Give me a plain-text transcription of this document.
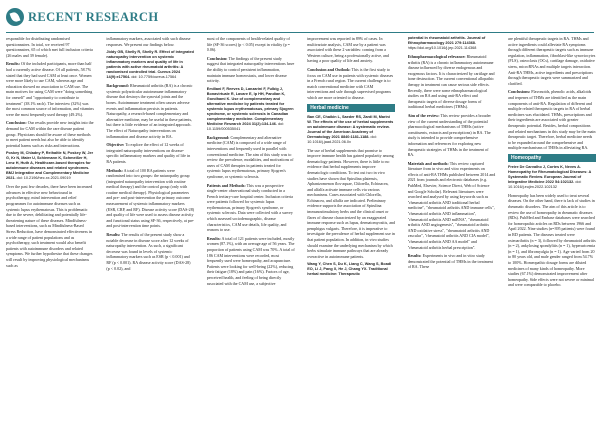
RECENT RESEARCH

responsible for distributing randomised questionnaires. In total, we received 97 questionnaires, 65 of which met full inclusion criteria (26 males and 39 female).

Results: Of the included participants, more than half had a currently active disease. Of all patients, 58.7% stated that they had used CAM at least once. Women were more likely to use CAM, whereas age and education showed no association to CAM use. The main motives for using CAM were "doing something for oneself" and "opportunity to contribute to treatment" (38.1% each). The interview (32%) was the most common source of information, and vitamins were the most frequently used therapy (49.2%).

Conclusion: Our results provide new insights into the demand for CAM within the rare disease patient group. Physicians should be aware of these methods to meet patient needs but also be able to identify potential harms such as risks and interactions.

Poskey M, Chladny P, Reihaltle N, Poskey W, Jer G, Kr N, Maier U, Schiemann K, Schmeißer H, Lenz H, Huth A, Healthcare-based therapies for autoimmune diseases and related syndromes. BMJ Integrative and Complementary Medicine 2021. doi: 10.2196/hec.xx.2021.09019

Over the past few decades, there have been increased advances in effective new behavioural in psychotherapy, mind intervention and relief programmes for autoimmune diseases such as systemic lupus erythematosus. This is problematic due to the severe, debilitating and potentially life-threatening nature of these diseases. Mindfulness-based interventions, such as Mindfulness-Based Stress Reduction, have demonstrated effectiveness in a wide range of patient populations and as psychotherapy, such treatment would also benefit patients with autoimmune disorders and related symptoms. We further hypothesise that these changes will result by improving physiological mechanisms such as

inflammatory markers, associated with such disease responses. We present our findings below.

Jiddy GB, Shelly R, Shelly R. Effect of integrated naturopathy intervention on systemic inflammatory markers and quality of life in patients with active rheumatoid arthritis: A randomised controlled trial. Cureus 2024 14(9):e17564. doi: 10.7759/cureus.17564

Background: Rheumatoid arthritis (RA) is a chronic systemic polyarticular autoimmune inflammatory disease that destroys the synovial joints and the bones. Autoimmune treatment often causes adverse events and inflammation persists in patients. Naturopathy, a research-based complementary and alternative medicine, may be useful in these patients, but there is little evidence of an integrated approach. The effect of Naturopathy interventions on inflammation and disease activity in RA.

Objective: To explore the effect of 12 weeks of integrated naturopathy interventions on disease-specific inflammatory markers and quality of life in RA patients.

Methods: A total of 100 RA patients were randomised into two groups: the naturopathy group (integrated naturopathy intervention with routine medical therapy) and the control group (only with routine medical therapy). Physiological parameters and pre- and post-intervention the primary outcome measurement of systemic inflammatory markers (ESR, CRP, and RF). Disease activity score (DAS-28) and quality of life were used to assess disease activity and functional status using SF-36, respectively, at pre- and post-intervention time points.

Results: The results of the present study show a notable decrease in disease score after 12 weeks of naturopathy intervention. As such, a significant decrease was found in levels of systemic inflammatory markers such as ESR (p < 0.001) and RF (p < 0.001). RA disease activity score (DAS-28) (p < 0.02), and

most of the components of health-related quality of life (SF-36 scores) (p < 0.05) except in vitality (p = 0.06).

Conclusion: The findings of the present study suggest that integrated naturopathy interventions have the ability to control persistent inflammation, maintain immune homeostasis, and lower disease activity.

Emiliani F, Reeves D, Lanzarini F, Fulbig J, Bonavirtuale R, Lavare E, Ip HH, Pandian K, Gondhami K. Use of complementary and alternative medicine by patients treated for systemic lupus erythematosus, primary Sjogren syndrome, or systemic sclerosis in Canadian complementary medicine. Complementary Medicine Research 2024 31(2):134-146. doi: 10.1159/000535041

Background: Complementary and alternative medicine (CAM) is composed of a wide range of interventions and frequently used in parallel with conventional medicine. The aim of this study was to review the prevalence, modalities, and motivations of users of CAM therapies in patients treated for systemic lupus erythematosus, primary Sjogren's syndrome, or systemic sclerosis.

Patients and Methods: This was a prospective single-center observational study conducted in a French tertiary-care hospital center. Inclusion criteria were patients followed for systemic lupus erythematosus, primary Sjogren's syndrome, or systemic sclerosis. Data were collected with a survey which assessed sociodemographic, disease characteristics, CAM use details, life quality, and reasons to use.

Results: A total of 121 patients were included, mostly women (87.1%), with an average age of 56 years. The proportion of patients using CAM was 70%. A total of 186 CAM interventions were recorded, most frequently used were homeopathy, and acupuncture. Patients were looking for well-being (22%), reducing their fatigue (18%) and pain (16%). Factors of age, perceived health, and feeling of being directly associated with the CAM use, a subjective

improvement was reported in 89% of cases. In multivariate analysis, CAM use by a patient was associated with these 2 variables: coming from a Western culture, being a professionally active, and having a poor quality of life and anxiety.

Conclusion and Outlook: This is the first study to focus on CAM use in patients with systemic diseases in a French rural region. The current challenge is to match conventional medicine with CAM interventions and safe through supervised programs which are more oriented to disease.

Herbal medicine

Ban CE, Chaikin L, Saeder RS, Zardi M, Marini W. The effects of the use of herbal supplements on autoimmune disease: A systematic review. Journal of the American Academy of Dermatology 2021 8840:1181-1188. doi: 10.1016/j.jaad.2021.06.0x

The use of herbal supplements that promise to improve immune health has gained popularity among dermatology patients. However, there is little to no evidence that herbal supplements improve dermatologic conditions. To test out two in vivo studies have shown that Spirulina platensis, Aphanizomenon flos-aquae, Chlorella, Echinacea, and alfalfa activate immune cells via various mechanisms. Cases associated with Chlorella, Echinacea, and alfalfa are indicated. Preliminary evidence supports the association of Spirulina immunostimulatory herbs and the clinical onset or flares of disease characterized by an exaggerated immune response such as lupus, dermatomyositis, and pemphigus vulgaris. Therefore, it is imperative to investigate the prevalence of herbal supplement use in that patient population. In addition, in vivo studies should examine the underlying mechanism by which herbs stimulate immune pathways that are already overactive in autoimmune patients.

Wang Y, Chen S, Du K, Liang C, Wang S, Boadi EO, Li J, Pang X, He J, Chang YX. Traditional herbal medicine: Therapeutic

potential in rheumatoid arthritis. Journal of Ethnopharmacology 2021 279:114368. https://doi.org/10.1016/j.jep.2021.114368

Ethnopharmacological relevance: Rheumatoid arthritis (RA) is a chronic inflammatory autoimmune disease influenced by diverse endogenous and exogenous factors. It is characterized by cartilage and bone destruction. The current conventional allopathic therapy in treatment can cause serious side effects. Recently, there were some ethnopharmacological studies on RA and using anti-RA effect and therapeutic targets of diverse dosage forms of traditional herbal medicines (THMs).

Aim of the review: This review provides a broader view of the current understanding of the potential pharmacological mechanisms of THMs (active constituents, extracts and prescriptions) in RA. The study is intended to provide comprehensive information and references for exploring new therapeutic strategies of THMs in the treatment of RA.

Materials and methods: This review captured literature from in vivo and vitro experiments on effects of anti-RA THMs published between 2014 and 2021 from journals and electronic databases (e.g. PubMed, Elsevier, Science Direct, Web of Science and Google Scholar). Relevant literatures were searched and analysed by using keywords such as "rheumatoid arthritis AND traditional herbal medicine", "rheumatoid arthritis AND immune cells", "rheumatoid arthritis AND inflammation", "rheumatoid arthritis AND miRNA", "rheumatoid arthritis AND angiogenesis", "rheumatoid arthritis AND oxidative stress", "rheumatoid arthritis AND vascular", "rheumatoid arthritis AND CIA model", "rheumatoid arthritis AND AA model" and "rheumatoid arthritis herbal prescription".

Results: Experiments in vivo and in vitro study demonstrated the potential of THMs in the treatment of RA. These

are plentiful therapeutic targets in RA. THMs and active ingredients could alleviate RA symptoms through different therapeutic targets such as immune regulation, inflammation, fibroblast-like synoviocytes (FLS), osteoclasts (OCs), cartilage damage, oxidative stress, microRNAs and multiple targets interaction. Anti-RA THMs, active ingredients and prescriptions through therapeutic targets were summarized and clarified.

Conclusions: Flavonoids, phenolic acids, alkaloids and terpenes of THMs are identified as the main components of anti-RA. Regulation of different and multiple related therapeutic targets in RA of herbal medicines was elucidated. THMs, prescriptions and their ingredients are associated with greater therapeutic potential. Besides, herbal compositions and related mechanisms in this study may be the main therapeutic target. Therefore, herbal medicine needs to be expanded around the comprehensive and multiple mechanisms of THMs in alleviating RA.

Homeopathy

Freire De Carvalho J, Cortes K, Neves A. Homeopathy for Rheumatological Diseases: A Systematic Review. European Journal of Integrative Medicine 2022 54:102132. doi: 10.1016/j.eujim.2022.102132

Homeopathy has been widely used to treat several diseases. On the other hand, there is lack of studies in rheumatic disorders. The aim of this article is to review the use of homeopathy in rheumatic diseases (RDs). PubMed and Embase databases were searched for homeopathic articles on RDs between 1966 and April 2022. Nine studies (n=395 patients) were found in RD patients. The diseases treated were osteoarthritis (n = 3), followed by rheumatoid arthritis (n = 2), ankylosing spondylitis (n = 1), hyperuricemia (n = 1), and fibromyalgia (n = 1). Age varied from 20 to 80 years old, and male gender ranged from 54.7% to 100%. Homeopathic dosage forms are diluted medicines of many kinds of homeopathy. More studies (67.1%) demonstrated improvement after homeopathy. Side effects were not severe or minimal and were comparable to placebo.
